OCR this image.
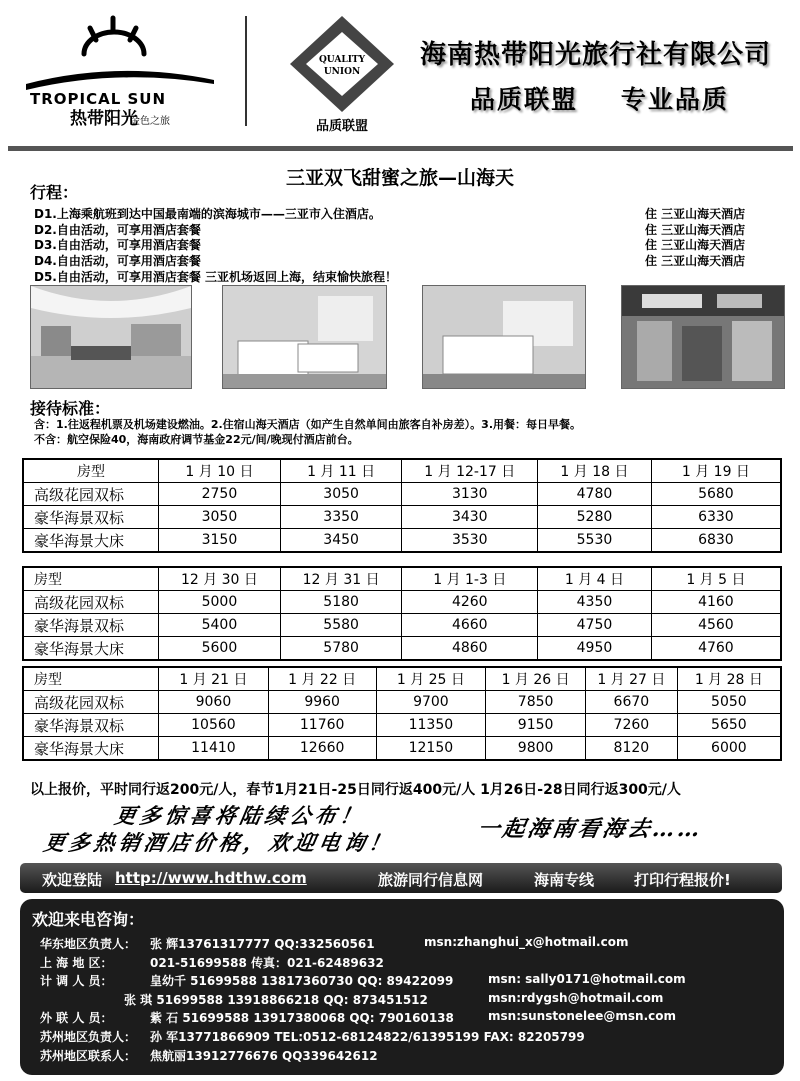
TROPICAL SUN
热带阳光
金色之旅
QUALITY
UNION
品质联盟
海南热带阳光旅行社有限公司
品质联盟    专业品质
三亚双飞甜蜜之旅—山海天
行程：
D1.上海乘航班到达中国最南端的滨海城市——三亚市入住酒店。	住 三亚山海天酒店
D2.自由活动，可享用酒店套餐	住 三亚山海天酒店
D3.自由活动，可享用酒店套餐	住 三亚山海天酒店
D4.自由活动，可享用酒店套餐	住 三亚山海天酒店
D5.自由活动，可享用酒店套餐 三亚机场返回上海，结束愉快旅程！
接待标准：
含：1.往返程机票及机场建设燃油。2.住宿山海天酒店（如产生自然单间由旅客自补房差）。3.用餐：每日早餐。
不含：航空保险40，海南政府调节基金22元/间/晚现付酒店前台。
房型	1 月 10 日	1 月 11 日	1 月 12-17 日	1 月 18 日	1 月 19 日
高级花园双标	2750	3050	3130	4780	5680
豪华海景双标	3050	3350	3430	5280	6330
豪华海景大床	3150	3450	3530	5530	6830
房型	12 月 30 日	12 月 31 日	1 月 1-3 日	1 月 4 日	1 月 5 日
高级花园双标	5000	5180	4260	4350	4160
豪华海景双标	5400	5580	4660	4750	4560
豪华海景大床	5600	5780	4860	4950	4760
房型	1 月 21 日	1 月 22 日	1 月 25 日	1 月 26 日	1 月 27 日	1 月 28 日
高级花园双标	9060	9960	9700	7850	6670	5050
豪华海景双标	10560	11760	11350	9150	7260	5650
豪华海景大床	11410	12660	12150	9800	8120	6000
以上报价，平时同行返200元/人，春节1月21日-25日同行返400元/人 1月26日-28日同行返300元/人
更多惊喜将陆续公布！
更多热销酒店价格，欢迎电询！
一起海南看海去……
欢迎登陆 http://www.hdthw.com	旅游同行信息网	海南专线	打印行程报价!
欢迎来电咨询：
华东地区负责人： 张 辉13761317777 QQ:332560561	msn:zhanghui_x@hotmail.com
上 海 地 区：	021-51699588 传真：021-62489632
计 调 人 员：	皇幼千 51699588 13817360730 QQ: 89422099	msn: sally0171@hotmail.com
张 琪 51699588 13918866218 QQ: 873451512	msn:rdygsh@hotmail.com
外 联 人 员：	紫 石 51699588 13917380068 QQ: 790160138	msn:sunstonelee@msn.com
苏州地区负责人： 孙 军13771866909 TEL:0512-68124822/61395199 FAX: 82205799
苏州地区联系人： 焦航丽13912776676 QQ339642612
